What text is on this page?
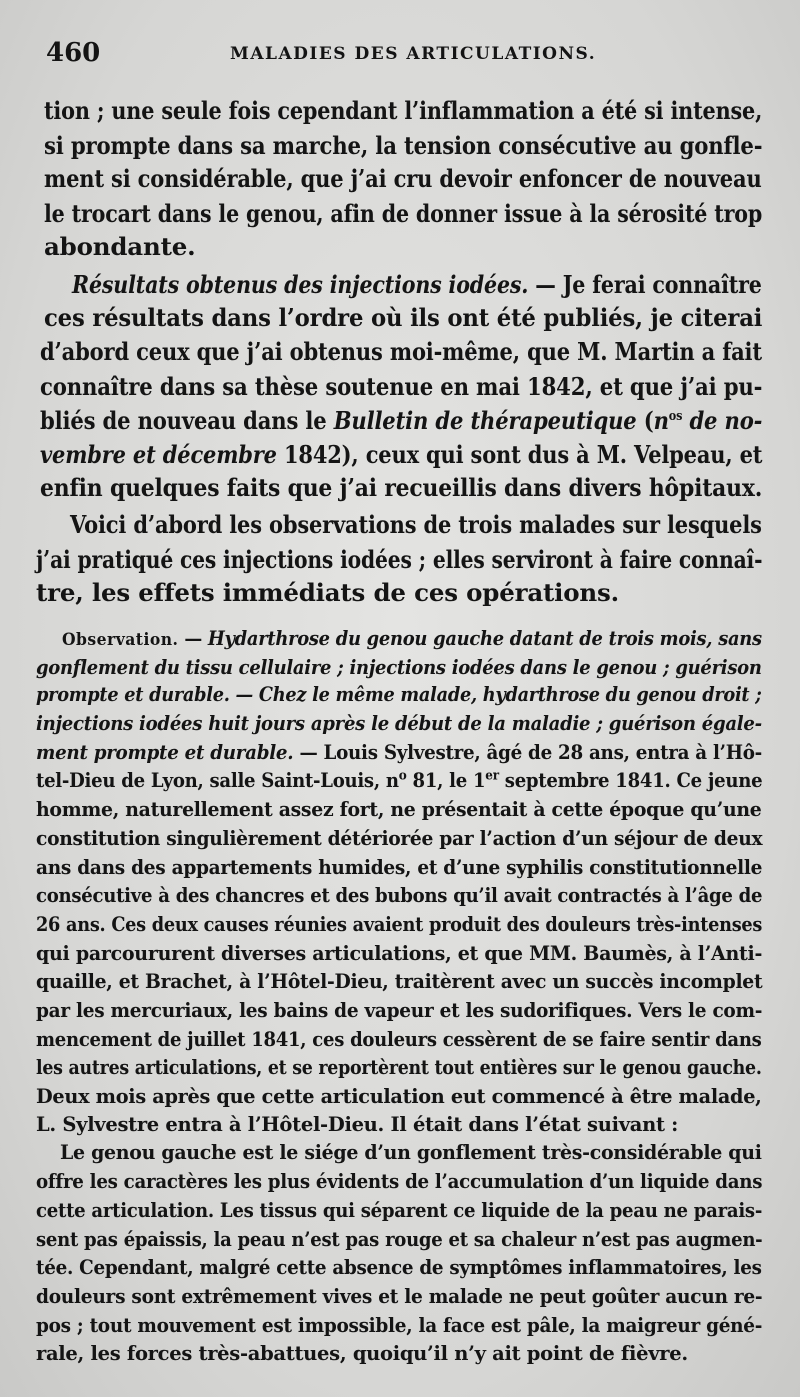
460	MALADIES DES ARTICULATIONS.
tion ; une seule fois cependant l’inflammation a été si intense,
si prompte dans sa marche, la tension consécutive au gonfle-
ment si considérable, que j’ai cru devoir enfoncer de nouveau
le trocart dans le genou, afin de donner issue à la sérosité trop
abondante.
Résultats obtenus des injections iodées. — Je ferai connaître
ces résultats dans l’ordre où ils ont été publiés, je citerai
d’abord ceux que j’ai obtenus moi-même, que M. Martin a fait
connaître dans sa thèse soutenue en mai 1842, et que j’ai pu-
bliés de nouveau dans le Bulletin de thérapeutique ($n^{os}$ de no-
vembre et décembre 1842), ceux qui sont dus à M. Velpeau, et
enfin quelques faits que j’ai recueillis dans divers hôpitaux.
Voici d’abord les observations de trois malades sur lesquels
j’ai pratiqué ces injections iodées ; elles serviront à faire connaî-
tre, les effets immédiats de ces opérations.
Observation. — Hydarthrose du genou gauche datant de trois mois, sans
gonflement du tissu cellulaire ; injections iodées dans le genou ; guérison
prompte et durable. — Chez le même malade, hydarthrose du genou droit ;
injections iodées huit jours après le début de la maladie ; guérison égale-
ment prompte et durable. — Louis Sylvestre, âgé de 28 ans, entra à l’Hô-
tel-Dieu de Lyon, salle Saint-Louis, $n^o$ 81, le 1er septembre 1841. Ce jeune
homme, naturellement assez fort, ne présentait à cette époque qu’une
constitution singulièrement détériorée par l’action d’un séjour de deux
ans dans des appartements humides, et d’une syphilis constitutionnelle
consécutive à des chancres et des bubons qu’il avait contractés à l’âge de
26 ans. Ces deux causes réunies avaient produit des douleurs très-intenses
qui parcoururent diverses articulations, et que MM. Baumès, à l’Anti-
quaille, et Brachet, à l’Hôtel-Dieu, traitèrent avec un succès incomplet
par les mercuriaux, les bains de vapeur et les sudorifiques. Vers le com-
mencement de juillet 1841, ces douleurs cessèrent de se faire sentir dans
les autres articulations, et se reportèrent tout entières sur le genou gauche.
Deux mois après que cette articulation eut commencé à être malade,
L. Sylvestre entra à l’Hôtel-Dieu. Il était dans l’état suivant :
Le genou gauche est le siége d’un gonflement très-considérable qui
offre les caractères les plus évidents de l’accumulation d’un liquide dans
cette articulation. Les tissus qui séparent ce liquide de la peau ne parais-
sent pas épaissis, la peau n’est pas rouge et sa chaleur n’est pas augmen-
tée. Cependant, malgré cette absence de symptômes inflammatoires, les
douleurs sont extrêmement vives et le malade ne peut goûter aucun re-
pos ; tout mouvement est impossible, la face est pâle, la maigreur géné-
rale, les forces très-abattues, quoiqu’il n’y ait point de fièvre.
